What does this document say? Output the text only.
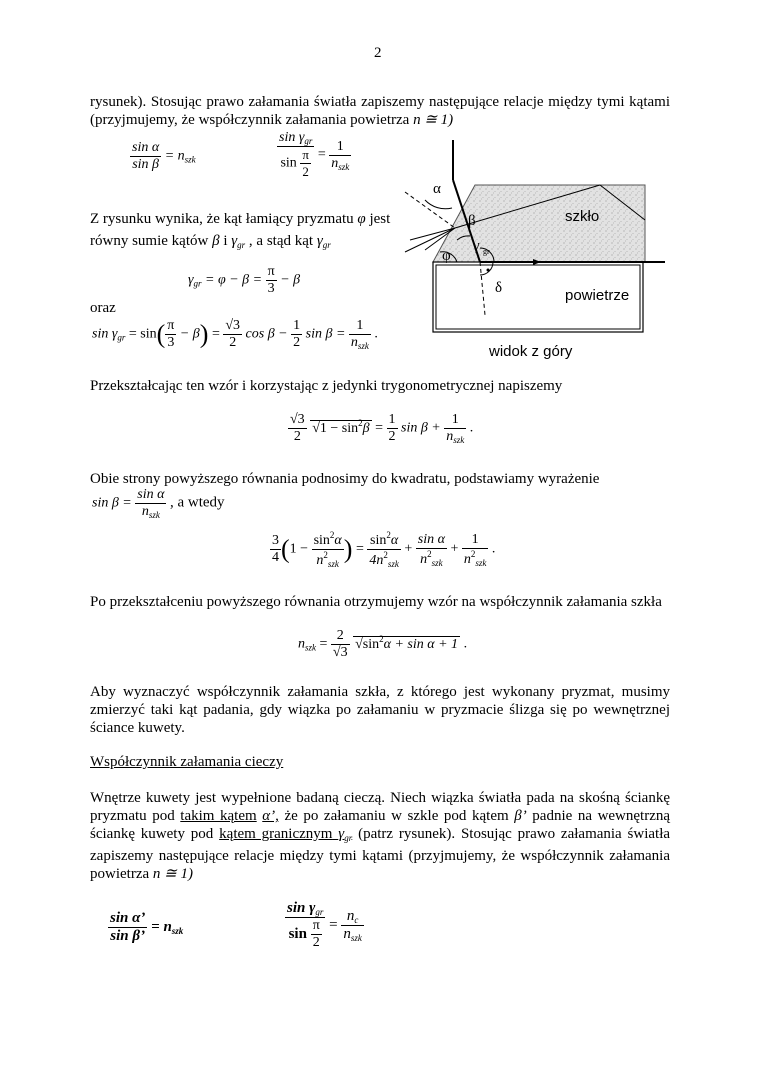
2
rysunek). Stosując prawo załamania światła zapiszemy następujące relacje między tymi kątami (przyjmujemy, że współczynnik załamania powietrza n ≅ 1)
$\frac{\text{sin α}}{\text{sin β}} = n_{szk}$	$\frac{\sin \gamma_{gr}}{\sin \frac{\pi}{2}} = \frac{1}{n_{szk}}$
Z rysunku wynika, że kąt łamiący pryzmatu φ jest
równy sumie kątów β i $\gamma_{gr}$ , a stąd kąt $\gamma_{gr}$
$\gamma_{gr} = \varphi - \beta = \frac{\pi}{3} - \beta$
oraz
$\sin \gamma_{gr} = \sin( \frac{\pi}{3} - \beta) = \frac{√3}{2}$ $\cos \beta - \frac{1}{2}$ $\sin \beta = \frac{1}{n_{szk}}$ .
α
β
γ gr
φ
δ
szkło
powietrze
widok z góry
Przekształcając ten wzór i korzystając z jedynki trygonometrycznej napiszemy
$\frac{√3}{2} √1 - \sin^2\beta = \frac{1}{2}$ $\sin \beta + \frac{1}{n_{szk}}$ .
Obie strony powyższego równania podnosimy do kwadratu, podstawiamy wyrażenie
$\sin \beta = \frac{\text{sin α}}{n_{szk}}$ , a wtedy
$\frac{3}{4} (1 - \frac{\sin^2\alpha}{n^2_{szk}}$ ) = $\frac{\sin^2\alpha}{4n^2_{szk}} + \frac{\text{sin α}}{n^2_{szk}} + \frac{1}{n^2_{szk}}$ .
Po przekształceniu powyższego równania otrzymujemy wzór na współczynnik załamania szkła
$n_{szk} = \frac{2}{√3} √\sin^2\alpha + \sin \alpha + 1$ .
Aby wyznaczyć współczynnik załamania szkła, z którego jest wykonany pryzmat, musimy zmierzyć taki kąt padania, gdy wiązka po załamaniu w pryzmacie ślizga się po wewnętrznej ściance kuwety.
Współczynnik załamania cieczy
Wnętrze kuwety jest wypełnione badaną cieczą. Niech wiązka światła pada na skośną ściankę pryzmatu pod takim kątem α’, że po załamaniu w szkle pod kątem β’ padnie na wewnętrzną ściankę kuwety pod kątem granicznym $\gamma_{gr}$ (patrz rysunek). Stosując prawo załamania światła zapiszemy następujące relacje między tymi kątami (przyjmujemy, że współczynnik załamania powietrza n ≅ 1)
$\frac{\text{sin α’}}{\text{sin β’}} = n_{szk}$	$\frac{\sin \gamma_{gr}}{\sin \frac{\pi}{2}} = \frac{n_c}{n_{szk}}$
